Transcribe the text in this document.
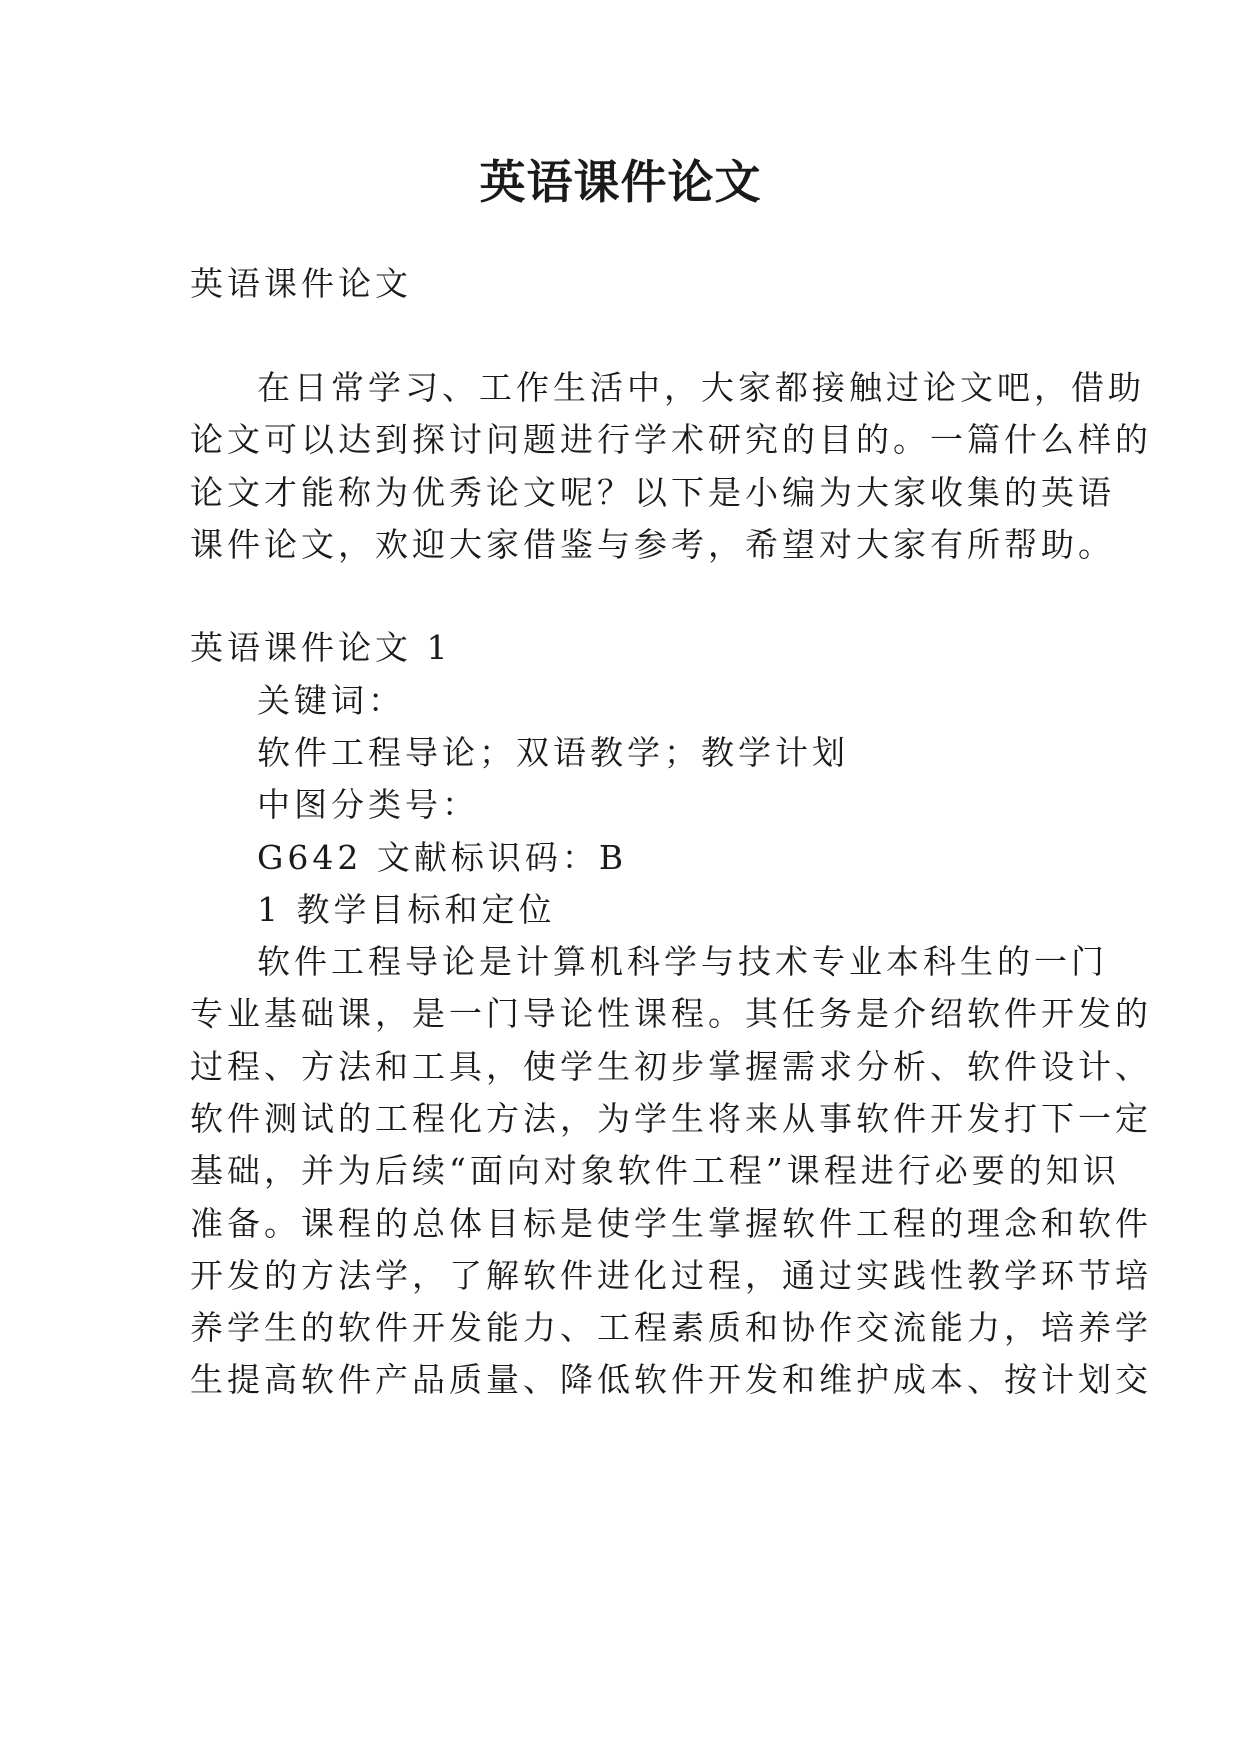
英语课件论文
英语课件论文
在日常学习、工作生活中，大家都接触过论文吧，借助
论文可以达到探讨问题进行学术研究的目的。一篇什么样的
论文才能称为优秀论文呢？以下是小编为大家收集的英语
课件论文，欢迎大家借鉴与参考，希望对大家有所帮助。
英语课件论文 1
关键词：
软件工程导论；双语教学；教学计划
中图分类号：
G642 文献标识码：B
1 教学目标和定位
软件工程导论是计算机科学与技术专业本科生的一门
专业基础课，是一门导论性课程。其任务是介绍软件开发的
过程、方法和工具，使学生初步掌握需求分析、软件设计、
软件测试的工程化方法，为学生将来从事软件开发打下一定
基础，并为后续“面向对象软件工程”课程进行必要的知识
准备。课程的总体目标是使学生掌握软件工程的理念和软件
开发的方法学，了解软件进化过程，通过实践性教学环节培
养学生的软件开发能力、工程素质和协作交流能力，培养学
生提高软件产品质量、降低软件开发和维护成本、按计划交
